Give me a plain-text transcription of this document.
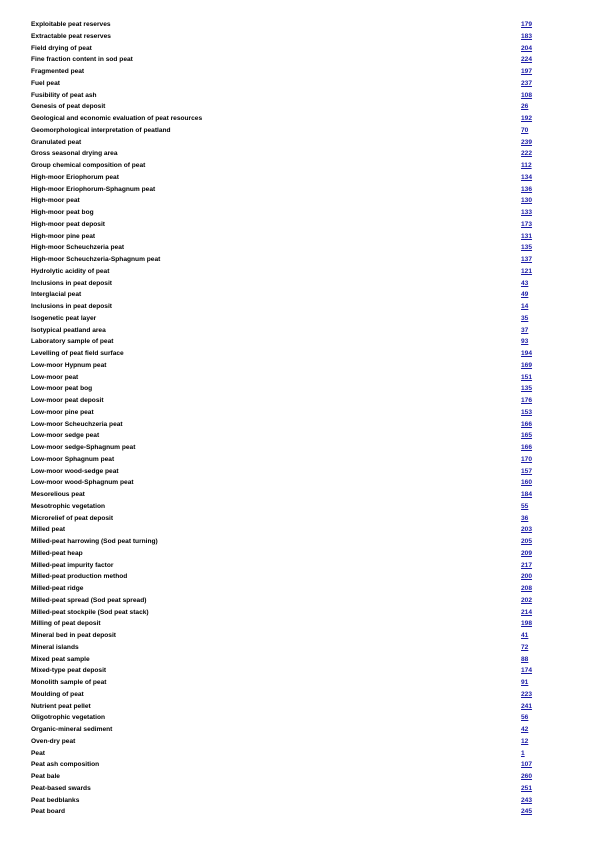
Exploitable peat reserves	179
Extractable peat reserves	183
Field drying of peat	204
Fine fraction content in sod peat	224
Fragmented peat	197
Fuel peat	237
Fusibility of peat ash	108
Genesis of peat deposit	26
Geological and economic evaluation of peat resources	192
Geomorphological interpretation of peatland	70
Granulated peat	239
Gross seasonal drying area	222
Group chemical composition of peat	112
High-moor Eriophorum peat	134
High-moor Eriophorum-Sphagnum peat	136
High-moor peat	130
High-moor peat bog	133
High-moor peat deposit	173
High-moor pine peat	131
High-moor Scheuchzeria peat	135
High-moor Scheuchzeria-Sphagnum peat	137
Hydrolytic acidity of peat	121
Inclusions in peat deposit	43
Interglacial peat	49
Inclusions in peat deposit	14
Isogenetic peat layer	35
Isotypical peatland area	37
Laboratory sample of peat	93
Levelling of peat field surface	194
Low-moor Hypnum peat	169
Low-moor peat	151
Low-moor peat bog	135
Low-moor peat deposit	176
Low-moor pine peat	153
Low-moor Scheuchzeria peat	166
Low-moor sedge peat	165
Low-moor sedge-Sphagnum peat	166
Low-moor Sphagnum peat	170
Low-moor wood-sedge peat	157
Low-moor wood-Sphagnum peat	160
Mesorelious peat	184
Mesotrophic vegetation	55
Microrelief of peat deposit	36
Milled peat	203
Milled-peat harrowing (Sod peat turning)	205
Milled-peat heap	209
Milled-peat impurity factor	217
Milled-peat production method	200
Milled-peat ridge	208
Milled-peat spread (Sod peat spread)	202
Milled-peat stockpile (Sod peat stack)	214
Milling of peat deposit	198
Mineral bed in peat deposit	41
Mineral islands	72
Mixed peat sample	88
Mixed-type peat deposit	174
Monolith sample of peat	91
Moulding of peat	223
Nutrient peat pellet	241
Oligotrophic vegetation	56
Organic-mineral sediment	42
Oven-dry peat	12
Peat	1
Peat ash composition	107
Peat bale	260
Peat-based swards	251
Peat bedblanks	243
Peat board	245
